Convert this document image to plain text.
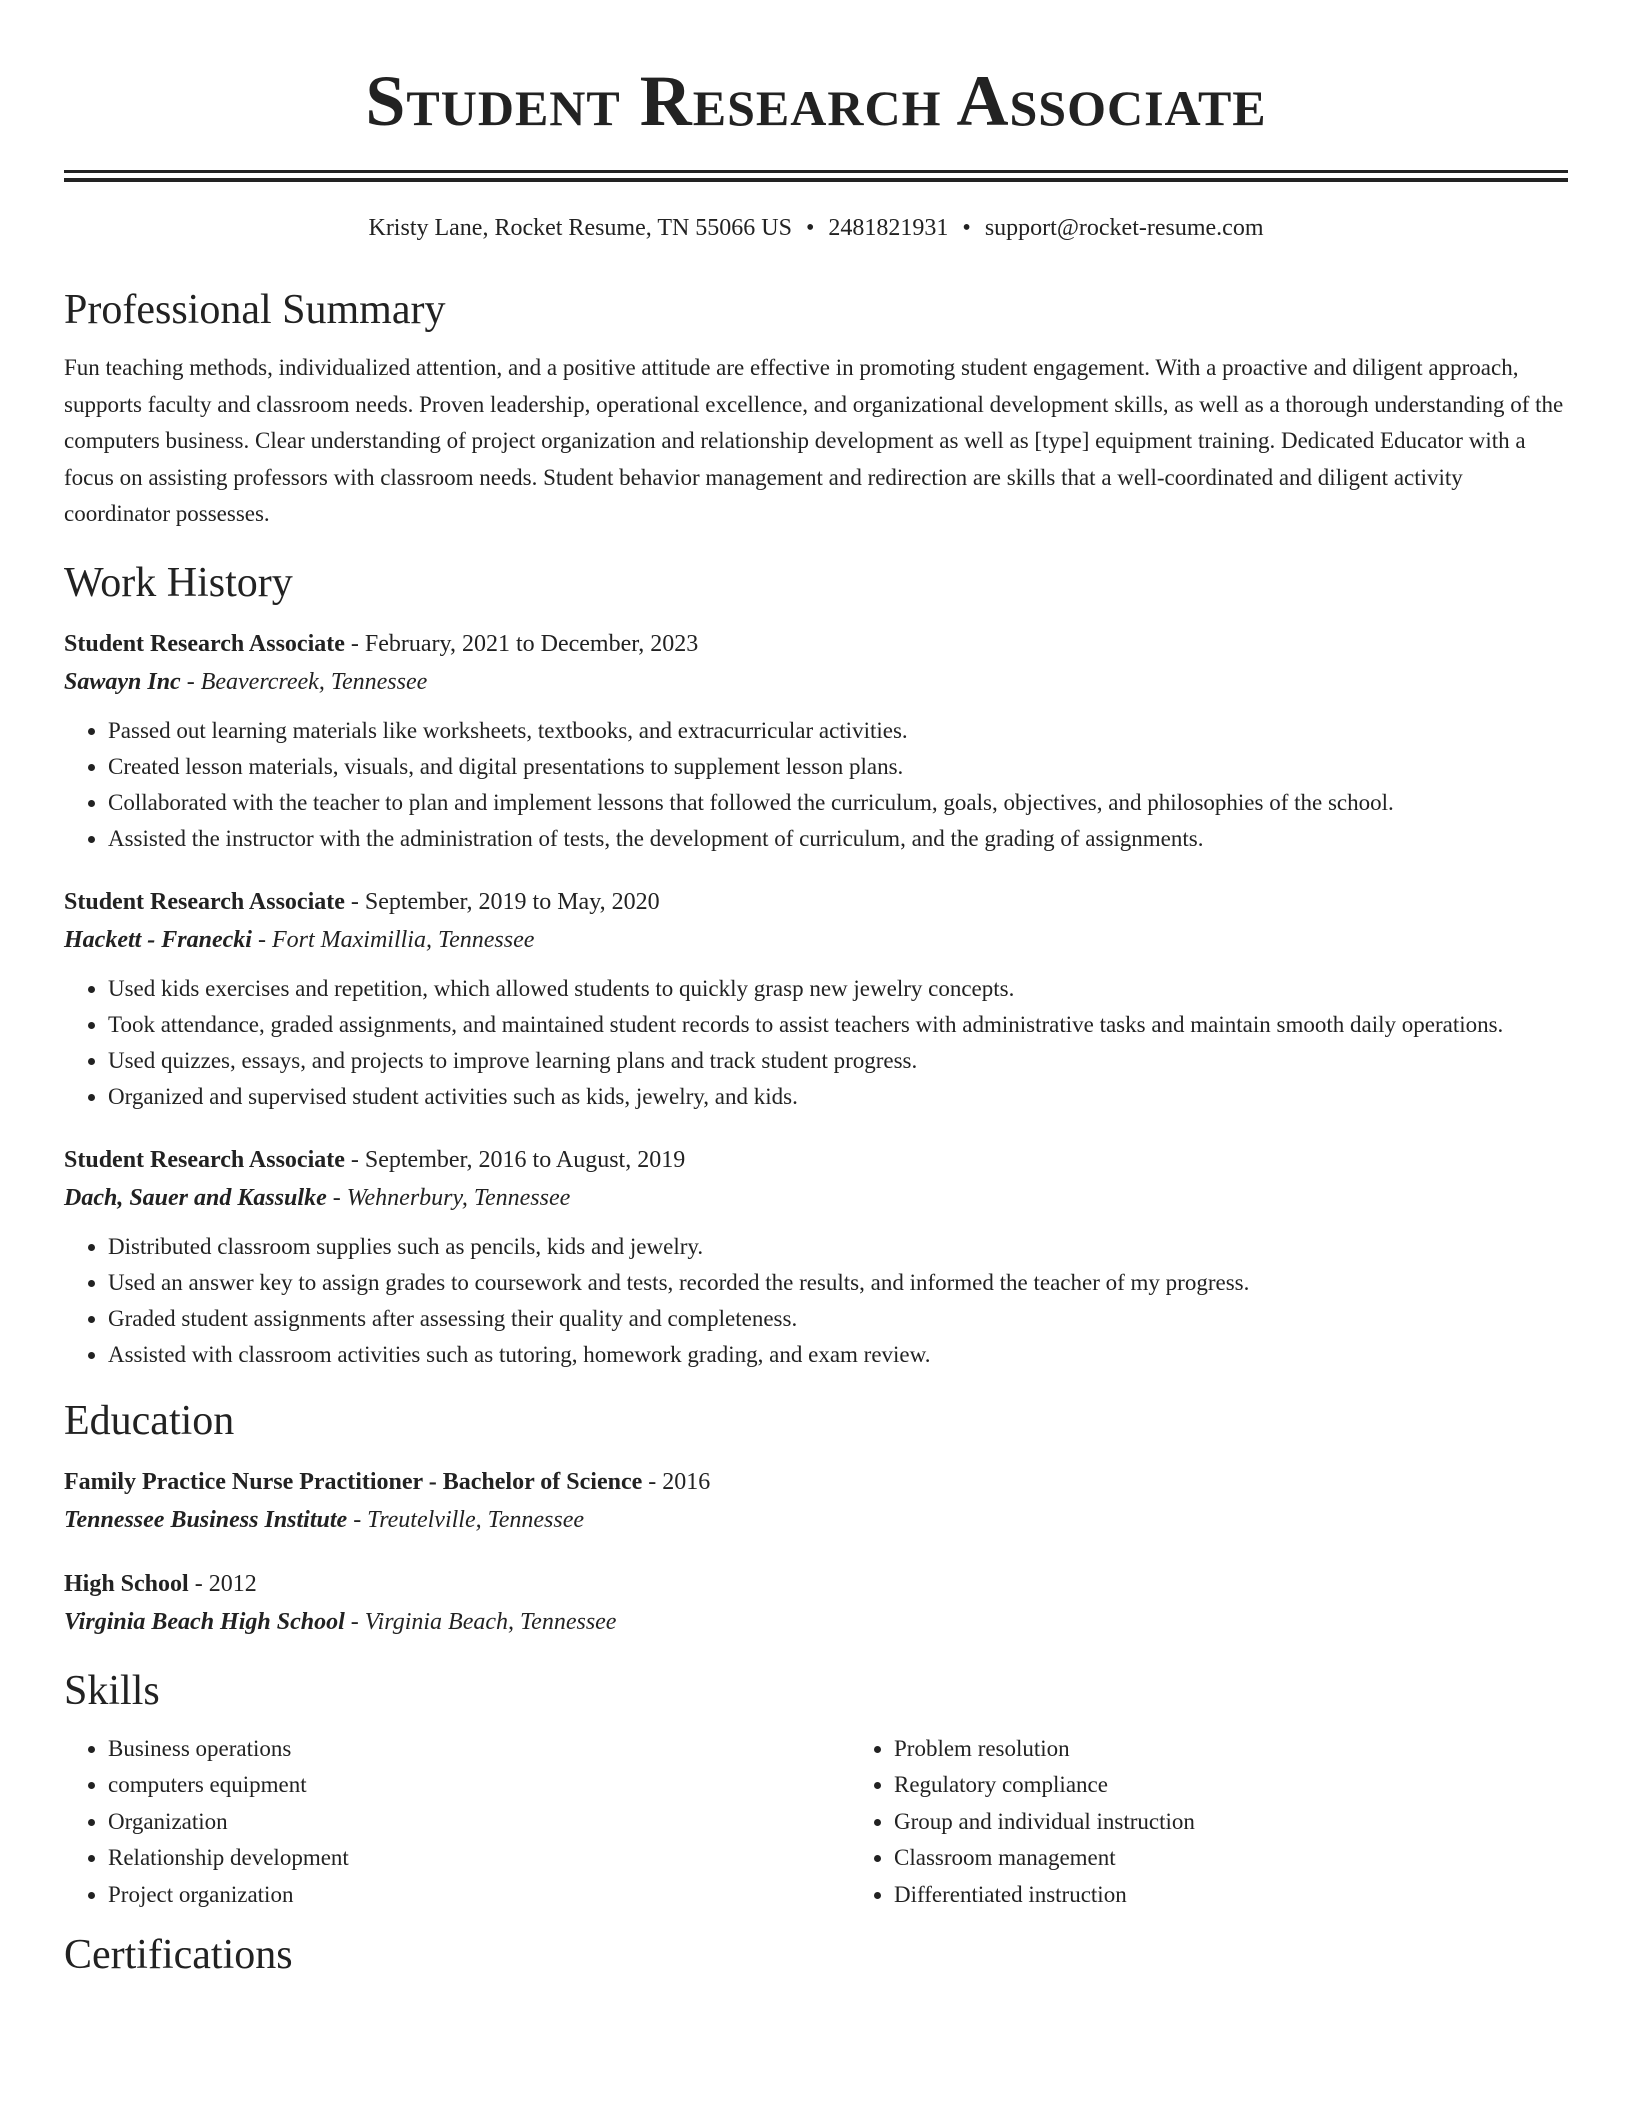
Student Research Associate
Kristy Lane, Rocket Resume, TN 55066 US • 2481821931 • support@rocket-resume.com
Professional Summary

Fun teaching methods, individualized attention, and a positive attitude are effective in promoting student engagement. With a proactive and diligent approach, supports faculty and classroom needs. Proven leadership, operational excellence, and organizational development skills, as well as a thorough understanding of the computers business. Clear understanding of project organization and relationship development as well as [type] equipment training. Dedicated Educator with a focus on assisting professors with classroom needs. Student behavior management and redirection are skills that a well-coordinated and diligent activity coordinator possesses.

Work History
Student Research Associate - February, 2021 to December, 2023
Sawayn Inc - Beavercreek, Tennessee
• Passed out learning materials like worksheets, textbooks, and extracurricular activities.
• Created lesson materials, visuals, and digital presentations to supplement lesson plans.
• Collaborated with the teacher to plan and implement lessons that followed the curriculum, goals, objectives, and philosophies of the school.
• Assisted the instructor with the administration of tests, the development of curriculum, and the grading of assignments.
Student Research Associate - September, 2019 to May, 2020
Hackett - Franecki - Fort Maximillia, Tennessee
• Used kids exercises and repetition, which allowed students to quickly grasp new jewelry concepts.
• Took attendance, graded assignments, and maintained student records to assist teachers with administrative tasks and maintain smooth daily operations.
• Used quizzes, essays, and projects to improve learning plans and track student progress.
• Organized and supervised student activities such as kids, jewelry, and kids.
Student Research Associate - September, 2016 to August, 2019
Dach, Sauer and Kassulke - Wehnerbury, Tennessee
• Distributed classroom supplies such as pencils, kids and jewelry.
• Used an answer key to assign grades to coursework and tests, recorded the results, and informed the teacher of my progress.
• Graded student assignments after assessing their quality and completeness.
• Assisted with classroom activities such as tutoring, homework grading, and exam review.
Education
Family Practice Nurse Practitioner - Bachelor of Science - 2016
Tennessee Business Institute - Treutelville, Tennessee
High School - 2012
Virginia Beach High School - Virginia Beach, Tennessee
Skills
• Business operations
• computers equipment
• Organization
• Relationship development
• Project organization
• Problem resolution
• Regulatory compliance
• Group and individual instruction
• Classroom management
• Differentiated instruction
Certifications
